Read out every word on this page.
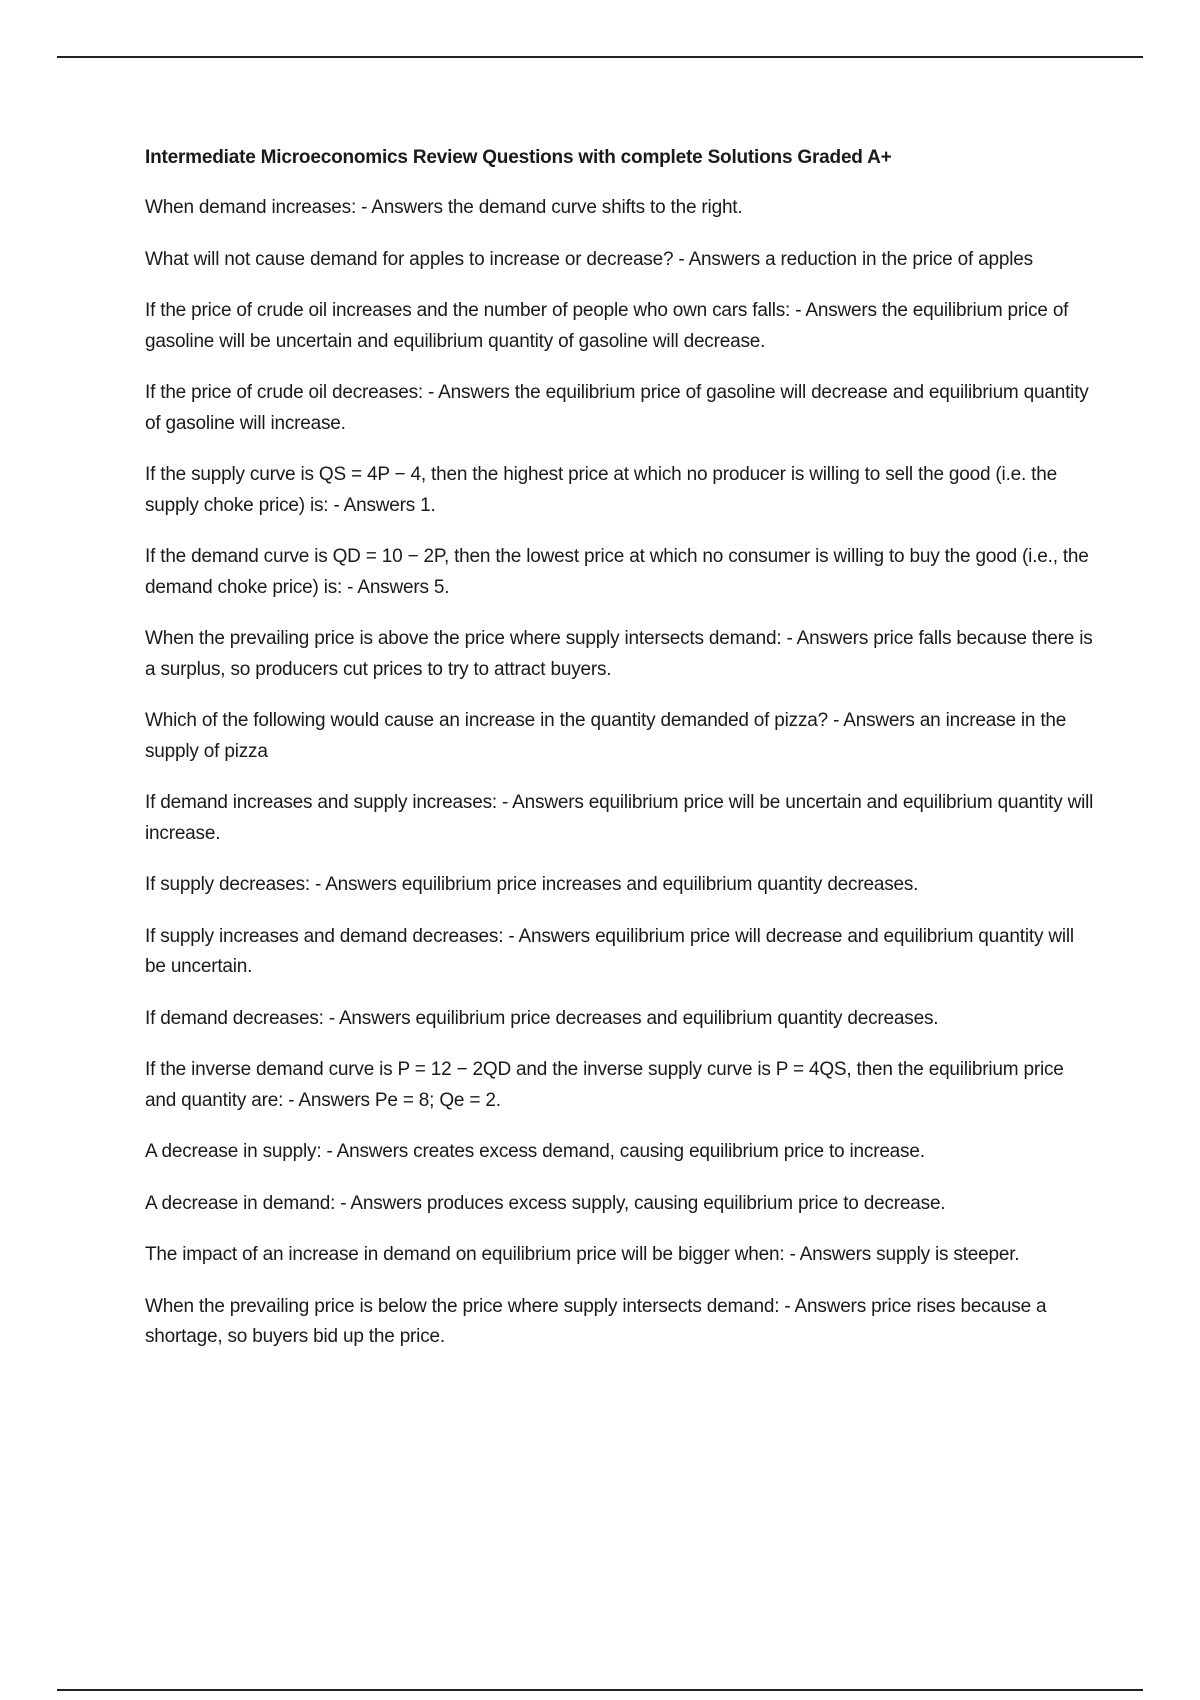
Intermediate Microeconomics Review Questions with complete Solutions Graded A+

When demand increases: - Answers the demand curve shifts to the right.

What will not cause demand for apples to increase or decrease? - Answers a reduction in the price of apples

If the price of crude oil increases and the number of people who own cars falls: - Answers the equilibrium price of gasoline will be uncertain and equilibrium quantity of gasoline will decrease.

If the price of crude oil decreases: - Answers the equilibrium price of gasoline will decrease and equilibrium quantity of gasoline will increase.

If the supply curve is QS = 4P − 4, then the highest price at which no producer is willing to sell the good (i.e. the supply choke price) is: - Answers 1.

If the demand curve is QD = 10 − 2P, then the lowest price at which no consumer is willing to buy the good (i.e., the demand choke price) is: - Answers 5.

When the prevailing price is above the price where supply intersects demand: - Answers price falls because there is a surplus, so producers cut prices to try to attract buyers.

Which of the following would cause an increase in the quantity demanded of pizza? - Answers an increase in the supply of pizza

If demand increases and supply increases: - Answers equilibrium price will be uncertain and equilibrium quantity will increase.

If supply decreases: - Answers equilibrium price increases and equilibrium quantity decreases.

If supply increases and demand decreases: - Answers equilibrium price will decrease and equilibrium quantity will be uncertain.

If demand decreases: - Answers equilibrium price decreases and equilibrium quantity decreases.

If the inverse demand curve is P = 12 − 2QD and the inverse supply curve is P = 4QS, then the equilibrium price and quantity are: - Answers Pe = 8; Qe = 2.

A decrease in supply: - Answers creates excess demand, causing equilibrium price to increase.

A decrease in demand: - Answers produces excess supply, causing equilibrium price to decrease.

The impact of an increase in demand on equilibrium price will be bigger when: - Answers supply is steeper.

When the prevailing price is below the price where supply intersects demand: - Answers price rises because a shortage, so buyers bid up the price.
